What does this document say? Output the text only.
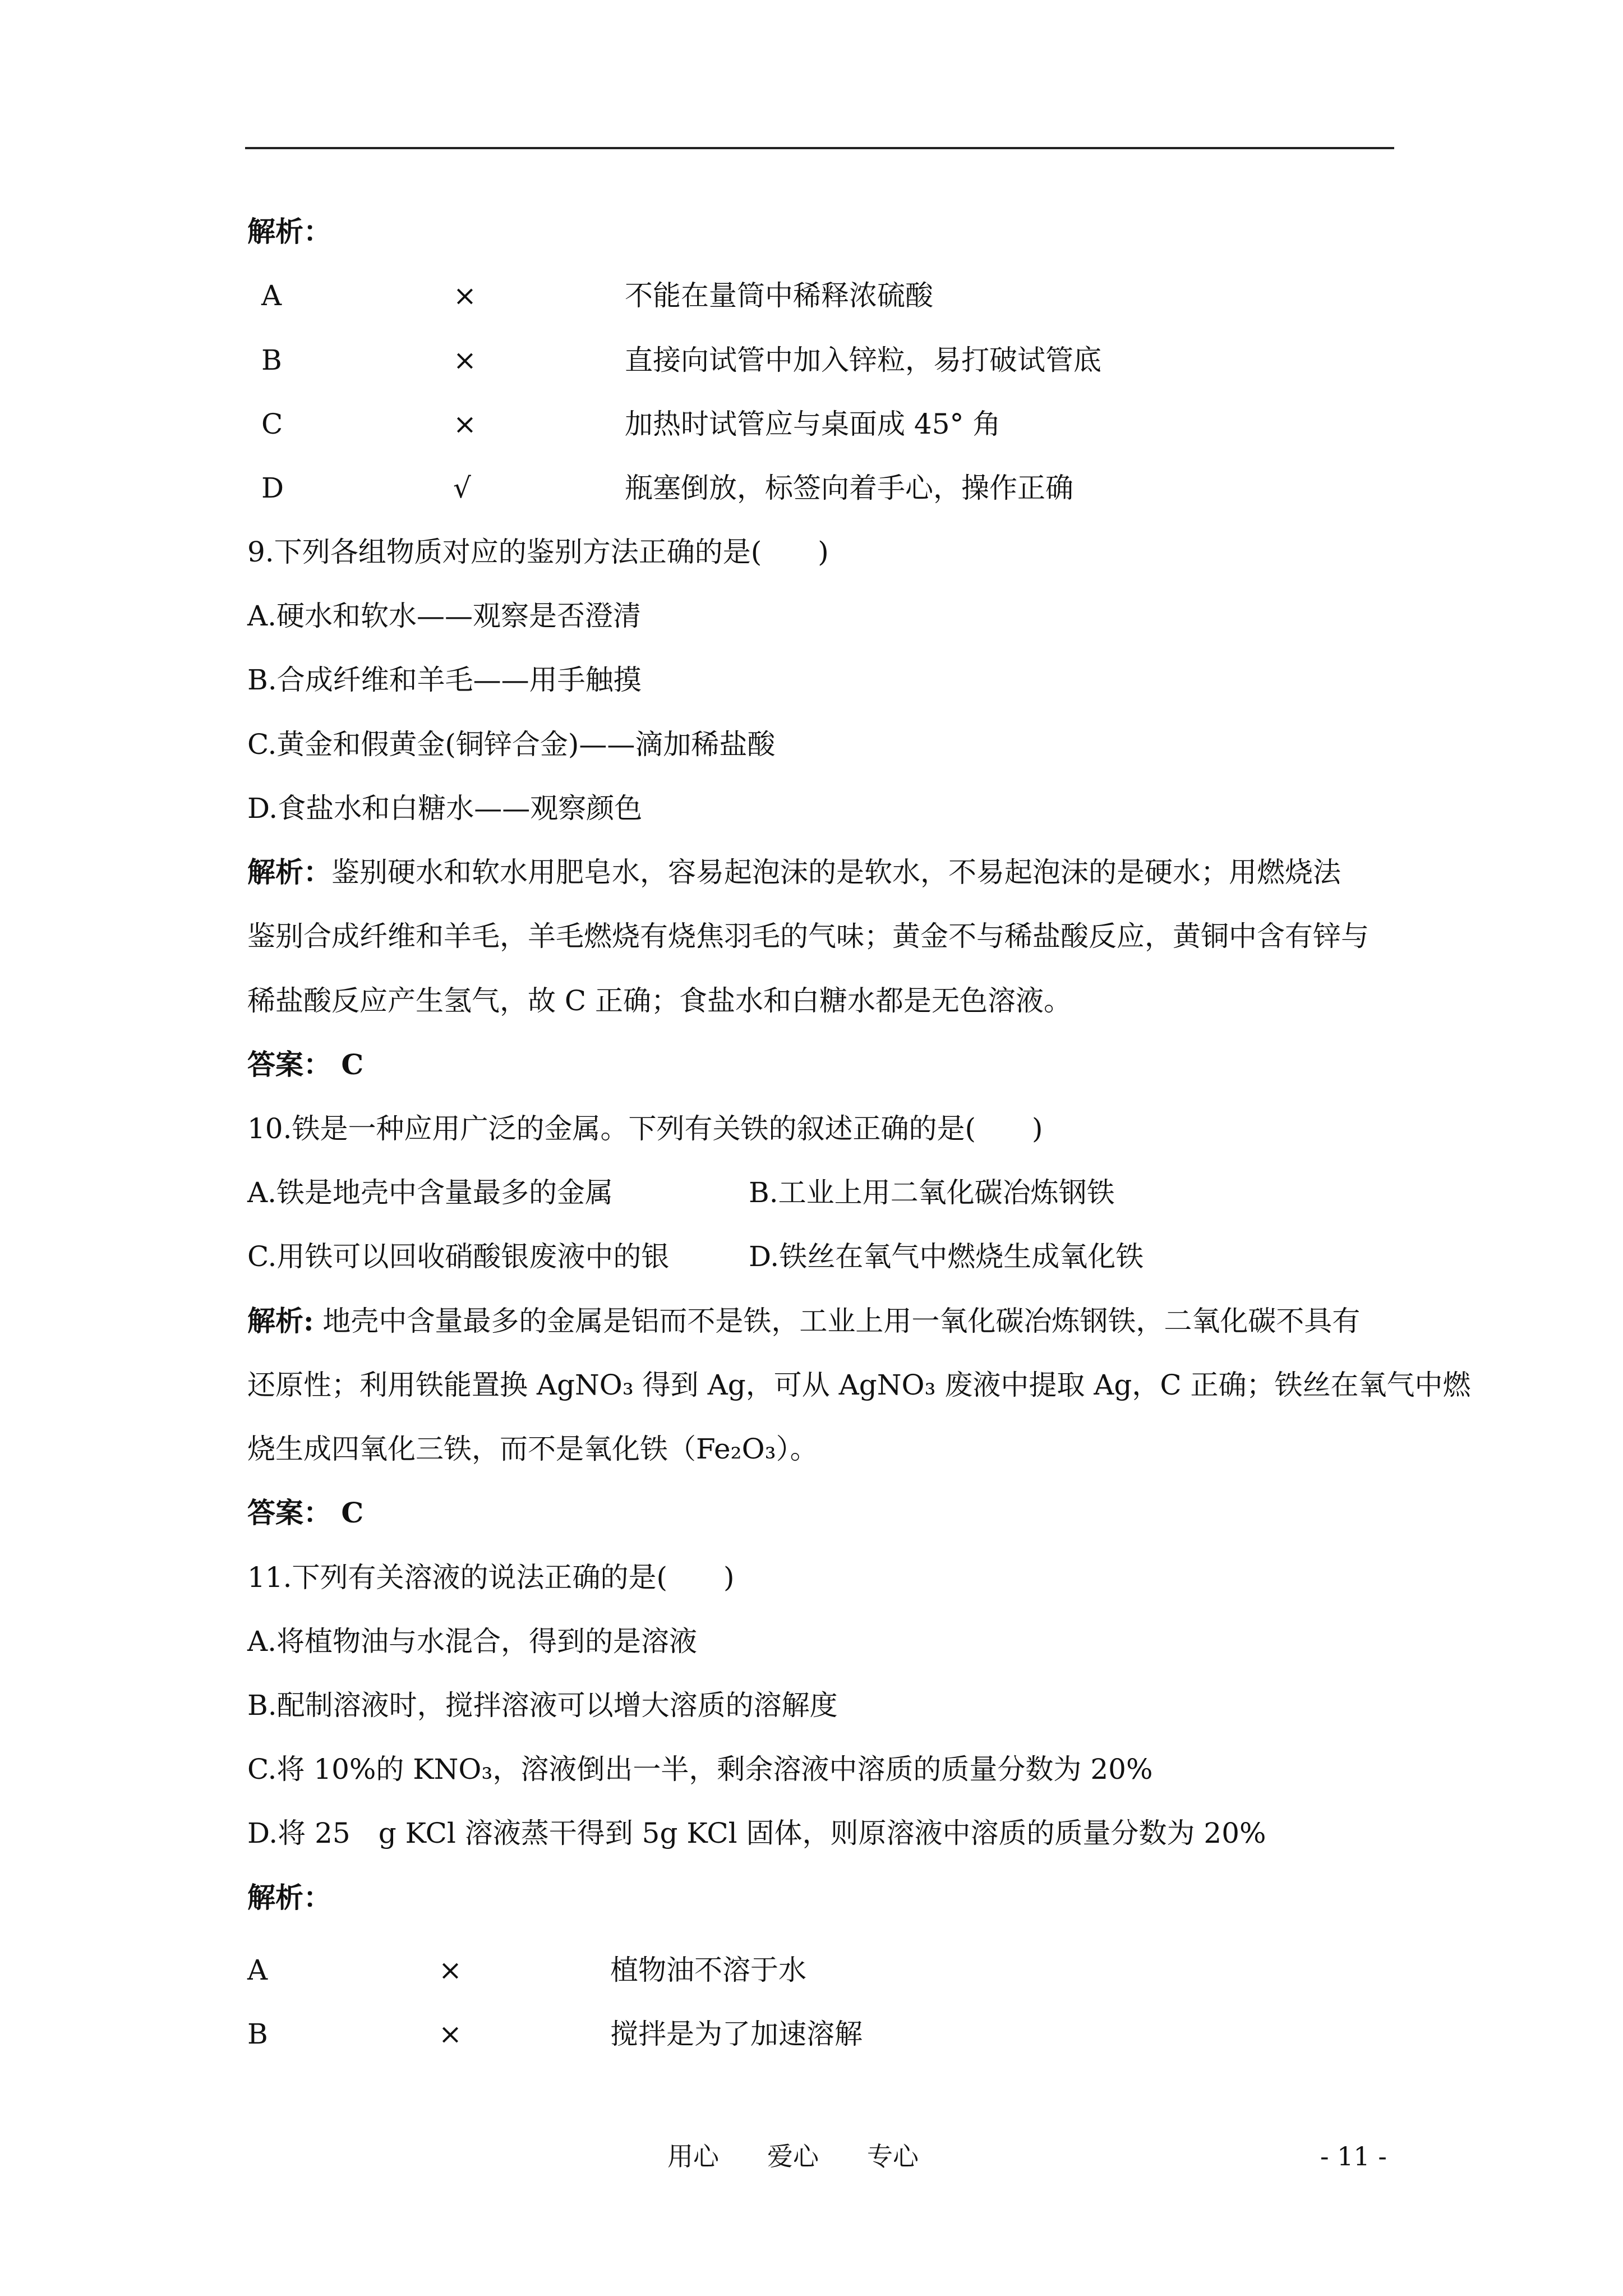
解析：
A	×	不能在量筒中稀释浓硫酸
B	×	直接向试管中加入锌粒，易打破试管底
C	×	加热时试管应与桌面成 45° 角
D	√	瓶塞倒放，标签向着手心，操作正确
9.下列各组物质对应的鉴别方法正确的是(　　)
A.硬水和软水——观察是否澄清
B.合成纤维和羊毛——用手触摸
C.黄金和假黄金(铜锌合金)——滴加稀盐酸
D.食盐水和白糖水——观察颜色
解析：鉴别硬水和软水用肥皂水，容易起泡沫的是软水，不易起泡沫的是硬水；用燃烧法
鉴别合成纤维和羊毛，羊毛燃烧有烧焦羽毛的气味；黄金不与稀盐酸反应，黄铜中含有锌与
稀盐酸反应产生氢气，故 C 正确；食盐水和白糖水都是无色溶液。
答案： C
10.铁是一种应用广泛的金属。下列有关铁的叙述正确的是(　　)
A.铁是地壳中含量最多的金属	B.工业上用二氧化碳冶炼钢铁
C.用铁可以回收硝酸银废液中的银	D.铁丝在氧气中燃烧生成氧化铁
解析: 地壳中含量最多的金属是铝而不是铁，工业上用一氧化碳冶炼钢铁，二氧化碳不具有
还原性；利用铁能置换 AgNO₃ 得到 Ag，可从 AgNO₃ 废液中提取 Ag，C 正确；铁丝在氧气中燃
烧生成四氧化三铁，而不是氧化铁（Fe₂O₃）。
答案： C
11.下列有关溶液的说法正确的是(　　)
A.将植物油与水混合，得到的是溶液
B.配制溶液时，搅拌溶液可以增大溶质的溶解度
C.将 10%的 KNO₃，溶液倒出一半，剩余溶液中溶质的质量分数为 20%
D.将 25　g KCl 溶液蒸干得到 5g KCl 固体，则原溶液中溶质的质量分数为 20%
解析：
A	×	植物油不溶于水
B	×	搅拌是为了加速溶解
用心 爱心 专心	- 11 -
